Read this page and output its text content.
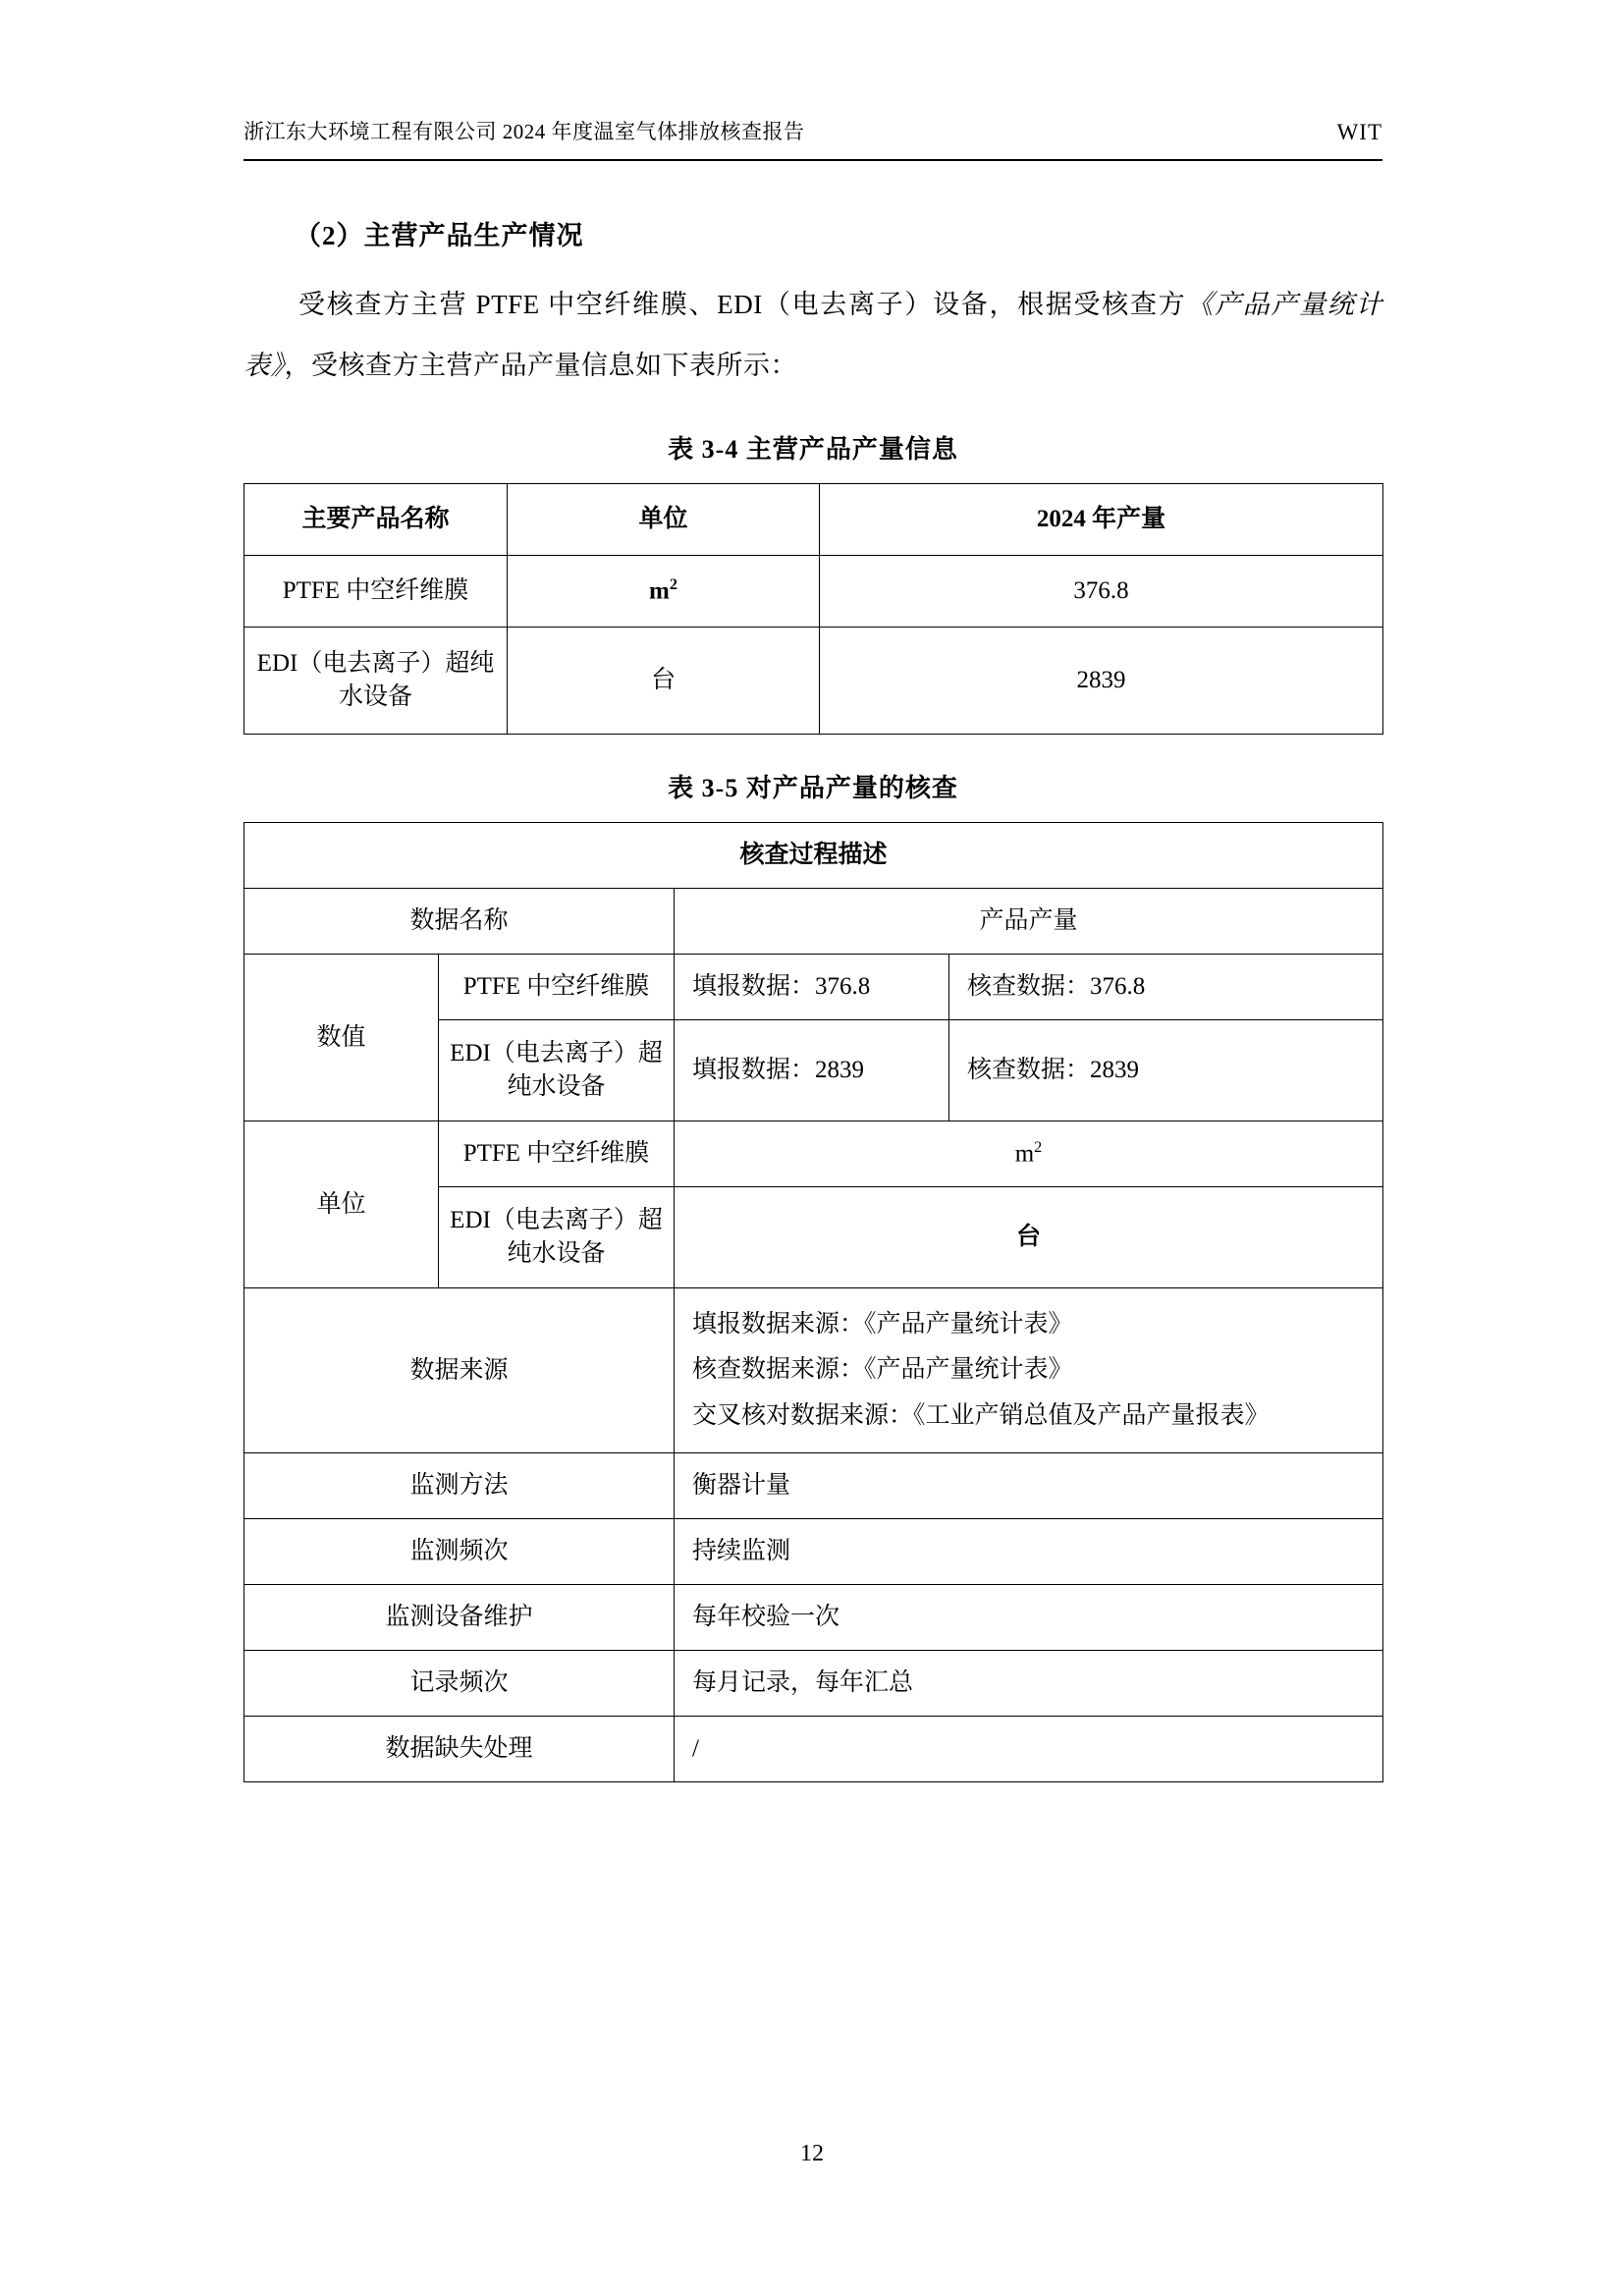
浙江东大环境工程有限公司 2024 年度温室气体排放核查报告	WIT
（2）主营产品生产情况

受核查方主营 PTFE 中空纤维膜、EDI（电去离子）设备，根据受核查方《产品产量统计表》，受核查方主营产品产量信息如下表所示：

表 3-4 主营产品产量信息
主要产品名称	单位	2024 年产量
PTFE 中空纤维膜	$m^2$	376.8
EDI（电去离子）超纯水设备	台	2839
表 3-5 对产品产量的核查
核查过程描述			
数据名称		产品产量	
数值	PTFE 中空纤维膜	填报数据：376.8	核查数据：376.8
	EDI（电去离子）超纯水设备	填报数据：2839	核查数据：2839
单位	PTFE 中空纤维膜	$m^2$
	EDI（电去离子）超纯水设备	台	
数据来源		填报数据来源：《产品产量统计表》
核查数据来源：《产品产量统计表》
交叉核对数据来源：《工业产销总值及产品产量报表》	

监测方法		衡器计量	
监测频次		持续监测	
监测设备维护		每年校验一次	
记录频次		每月记录，每年汇总	
数据缺失处理		/	
12
